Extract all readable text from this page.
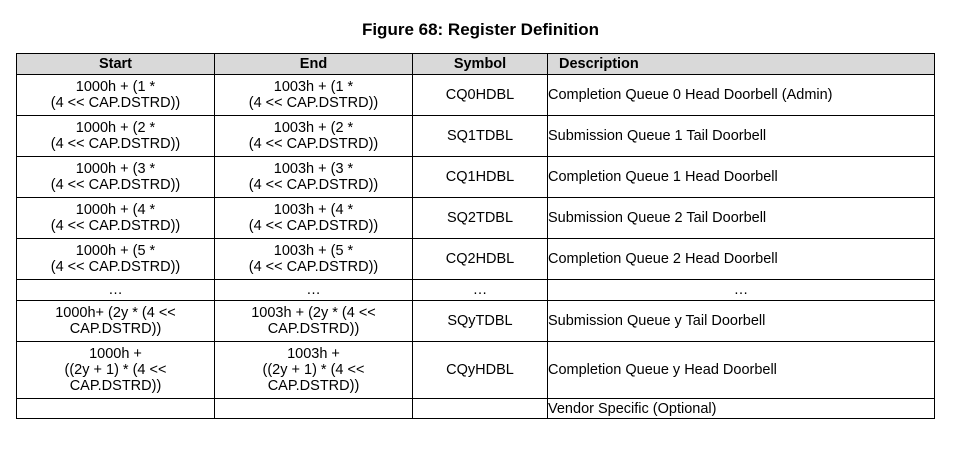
Figure 68: Register Definition
Start	End	Symbol	Description

1000h + (1 *
(4 << CAP.DSTRD))	1003h + (1 *
(4 << CAP.DSTRD))	CQ0HDBL	Completion Queue 0 Head Doorbell (Admin)

1000h + (2 *
(4 << CAP.DSTRD))	1003h + (2 *
(4 << CAP.DSTRD))	SQ1TDBL	Submission Queue 1 Tail Doorbell

1000h + (3 *
(4 << CAP.DSTRD))	1003h + (3 *
(4 << CAP.DSTRD))	CQ1HDBL	Completion Queue 1 Head Doorbell

1000h + (4 *
(4 << CAP.DSTRD))	1003h + (4 *
(4 << CAP.DSTRD))	SQ2TDBL	Submission Queue 2 Tail Doorbell

1000h + (5 *
(4 << CAP.DSTRD))	1003h + (5 *
(4 << CAP.DSTRD))	CQ2HDBL	Completion Queue 2 Head Doorbell

…	…	…	…

1000h+ (2y * (4 <<
CAP.DSTRD))	1003h + (2y * (4 <<
CAP.DSTRD))	SQyTDBL	Submission Queue y Tail Doorbell

1000h +
((2y + 1) * (4 <<
CAP.DSTRD))	1003h +
((2y + 1) * (4 <<
CAP.DSTRD))	CQyHDBL	Completion Queue y Head Doorbell
			Vendor Specific (Optional)
